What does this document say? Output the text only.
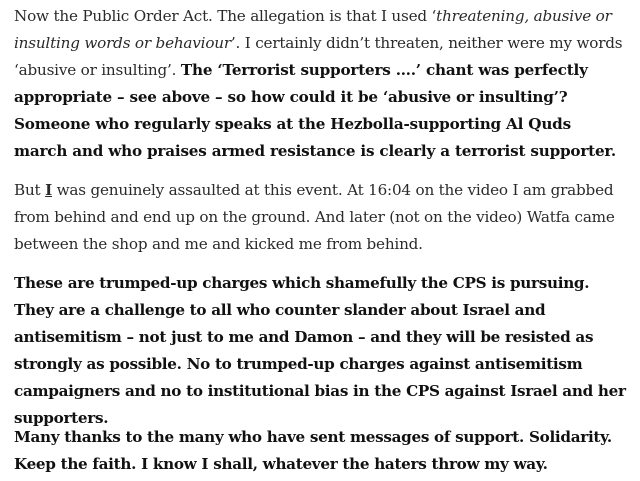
Now the Public Order Act. The allegation is that I used ‘threatening, abusive or insulting words or behaviour’. I certainly didn’t threaten, neither were my words ‘abusive or insulting’. The ‘Terrorist supporters ….’ chant was perfectly appropriate – see above – so how could it be ‘abusive or insulting’? Someone who regularly speaks at the Hezbolla-supporting Al Quds march and who praises armed resistance is clearly a terrorist supporter.

But I was genuinely assaulted at this event. At 16:04 on the video I am grabbed from behind and end up on the ground. And later (not on the video) Watfa came between the shop and me and kicked me from behind.

These are trumped-up charges which shamefully the CPS is pursuing. They are a challenge to all who counter slander about Israel and antisemitism – not just to me and Damon – and they will be resisted as strongly as possible. No to trumped-up charges against antisemitism campaigners and no to institutional bias in the CPS against Israel and her supporters.

Many thanks to the many who have sent messages of support. Solidarity. Keep the faith. I know I shall, whatever the haters throw my way.
